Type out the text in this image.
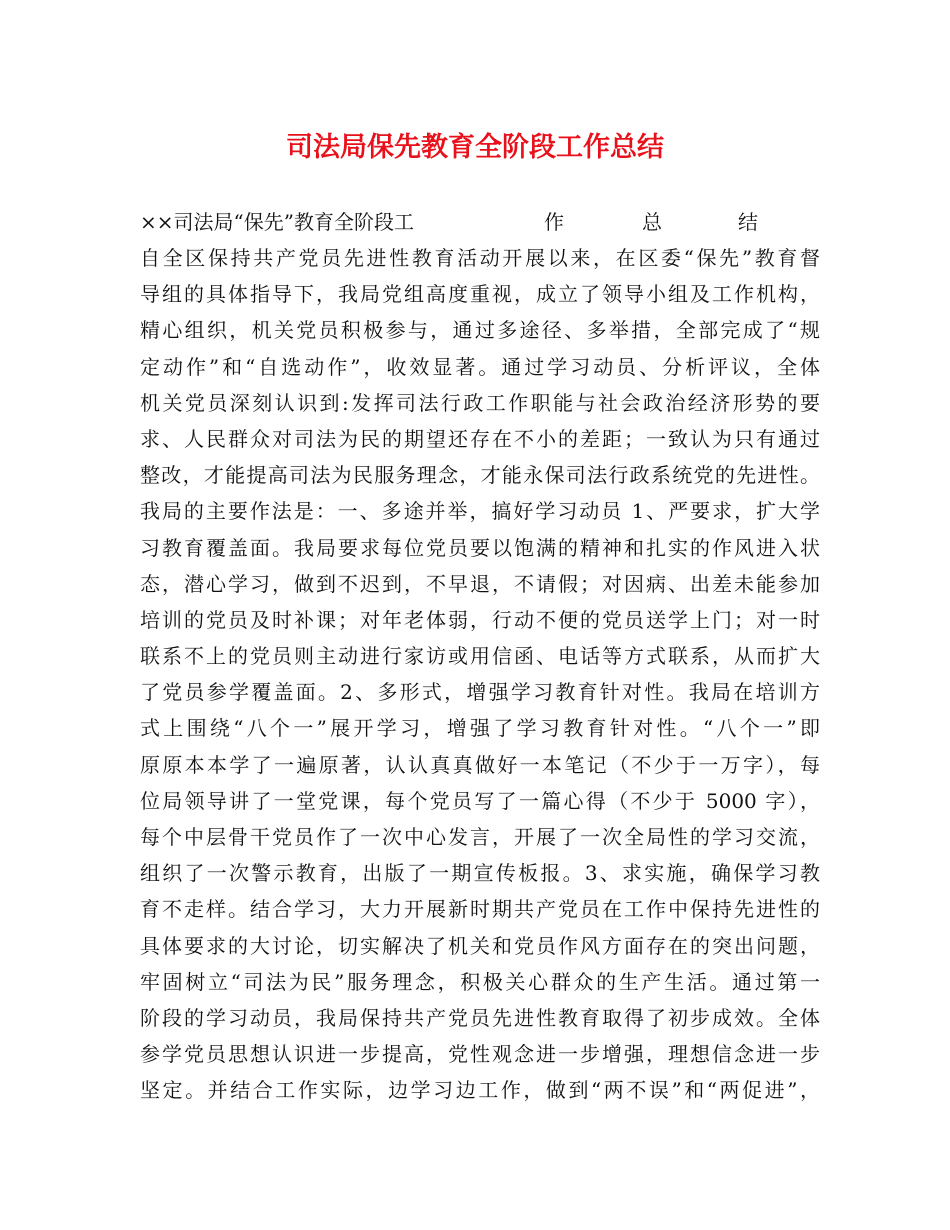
司法局保先教育全阶段工作总结
××司法局“保先”教育全阶段工	作	总	结
自全区保持共产党员先进性教育活动开展以来，在区委“保先”教育督
导组的具体指导下，我局党组高度重视，成立了领导小组及工作机构，
精心组织，机关党员积极参与，通过多途径、多举措，全部完成了“规
定动作”和“自选动作”，收效显著。通过学习动员、分析评议，全体
机关党员深刻认识到:发挥司法行政工作职能与社会政治经济形势的要
求、人民群众对司法为民的期望还存在不小的差距；一致认为只有通过
整改，才能提高司法为民服务理念，才能永保司法行政系统党的先进性。
我局的主要作法是：一、多途并举，搞好学习动员 1、严要求，扩大学
习教育覆盖面。我局要求每位党员要以饱满的精神和扎实的作风进入状
态，潜心学习，做到不迟到，不早退，不请假；对因病、出差未能参加
培训的党员及时补课；对年老体弱，行动不便的党员送学上门；对一时
联系不上的党员则主动进行家访或用信函、电话等方式联系，从而扩大
了党员参学覆盖面。2、多形式，增强学习教育针对性。我局在培训方
式上围绕“八个一”展开学习，增强了学习教育针对性。“八个一”即
原原本本学了一遍原著，认认真真做好一本笔记（不少于一万字），每
位局领导讲了一堂党课，每个党员写了一篇心得（不少于 5000 字），
每个中层骨干党员作了一次中心发言，开展了一次全局性的学习交流，
组织了一次警示教育，出版了一期宣传板报。3、求实施，确保学习教
育不走样。结合学习，大力开展新时期共产党员在工作中保持先进性的
具体要求的大讨论，切实解决了机关和党员作风方面存在的突出问题，
牢固树立“司法为民”服务理念，积极关心群众的生产生活。通过第一
阶段的学习动员，我局保持共产党员先进性教育取得了初步成效。全体
参学党员思想认识进一步提高，党性观念进一步增强，理想信念进一步
坚定。并结合工作实际，边学习边工作，做到“两不误”和“两促进”，
